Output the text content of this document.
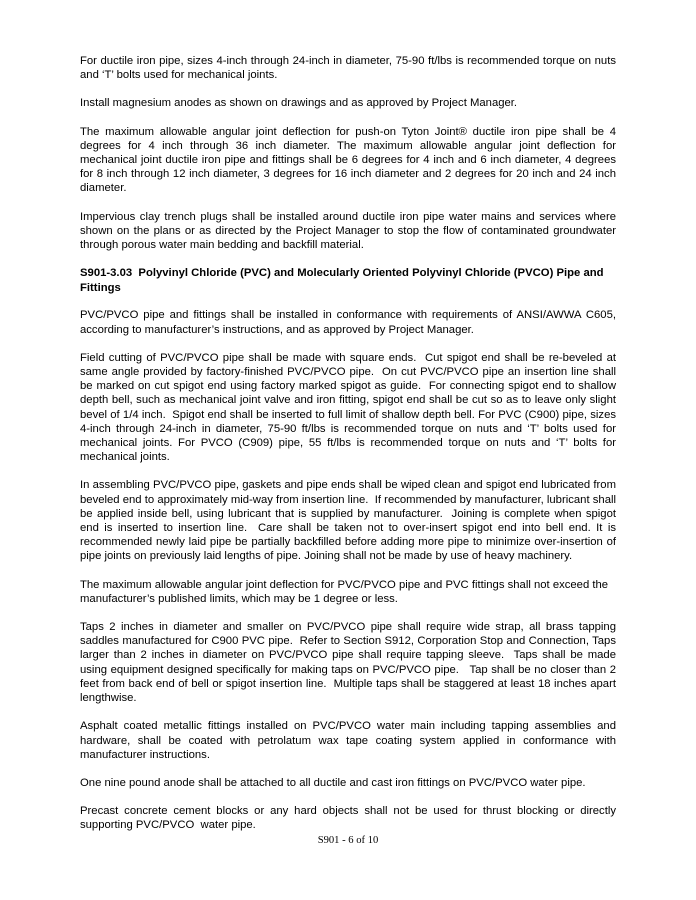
For ductile iron pipe, sizes 4-inch through 24-inch in diameter, 75-90 ft/lbs is recommended torque on nuts and ‘T’ bolts used for mechanical joints.

Install magnesium anodes as shown on drawings and as approved by Project Manager.

The maximum allowable angular joint deflection for push-on Tyton Joint® ductile iron pipe shall be 4 degrees for 4 inch through 36 inch diameter. The maximum allowable angular joint deflection for mechanical joint ductile iron pipe and fittings shall be 6 degrees for 4 inch and 6 inch diameter, 4 degrees for 8 inch through 12 inch diameter, 3 degrees for 16 inch diameter and 2 degrees for 20 inch and 24 inch diameter.

Impervious clay trench plugs shall be installed around ductile iron pipe water mains and services where shown on the plans or as directed by the Project Manager to stop the flow of contaminated groundwater through porous water main bedding and backfill material.

S901-3.03  Polyvinyl Chloride (PVC) and Molecularly Oriented Polyvinyl Chloride (PVCO) Pipe and Fittings

PVC/PVCO pipe and fittings shall be installed in conformance with requirements of ANSI/AWWA C605, according to manufacturer’s instructions, and as approved by Project Manager.

Field cutting of PVC/PVCO pipe shall be made with square ends.  Cut spigot end shall be re-beveled at same angle provided by factory-finished PVC/PVCO pipe.  On cut PVC/PVCO pipe an insertion line shall be marked on cut spigot end using factory marked spigot as guide.  For connecting spigot end to shallow depth bell, such as mechanical joint valve and iron fitting, spigot end shall be cut so as to leave only slight bevel of 1/4 inch.  Spigot end shall be inserted to full limit of shallow depth bell. For PVC (C900) pipe, sizes 4-inch through 24-inch in diameter, 75-90 ft/lbs is recommended torque on nuts and ‘T’ bolts used for mechanical joints. For PVCO (C909) pipe, 55 ft/lbs is recommended torque on nuts and ‘T’ bolts for mechanical joints.

In assembling PVC/PVCO pipe, gaskets and pipe ends shall be wiped clean and spigot end lubricated from beveled end to approximately mid-way from insertion line.  If recommended by manufacturer, lubricant shall be applied inside bell, using lubricant that is supplied by manufacturer.  Joining is complete when spigot end is inserted to insertion line.  Care shall be taken not to over-insert spigot end into bell end. It is recommended newly laid pipe be partially backfilled before adding more pipe to minimize over-insertion of pipe joints on previously laid lengths of pipe. Joining shall not be made by use of heavy machinery.

The maximum allowable angular joint deflection for PVC/PVCO pipe and PVC fittings shall not exceed the manufacturer’s published limits, which may be 1 degree or less.

Taps 2 inches in diameter and smaller on PVC/PVCO pipe shall require wide strap, all brass tapping saddles manufactured for C900 PVC pipe.  Refer to Section S912, Corporation Stop and Connection, Taps larger than 2 inches in diameter on PVC/PVCO pipe shall require tapping sleeve.  Taps shall be made using equipment designed specifically for making taps on PVC/PVCO pipe.   Tap shall be no closer than 2 feet from back end of bell or spigot insertion line.  Multiple taps shall be staggered at least 18 inches apart lengthwise.

Asphalt coated metallic fittings installed on PVC/PVCO water main including tapping assemblies and hardware, shall be coated with petrolatum wax tape coating system applied in conformance with manufacturer instructions.

One nine pound anode shall be attached to all ductile and cast iron fittings on PVC/PVCO water pipe.

Precast concrete cement blocks or any hard objects shall not be used for thrust blocking or directly supporting PVC/PVCO  water pipe.

S901 - 6 of 10
